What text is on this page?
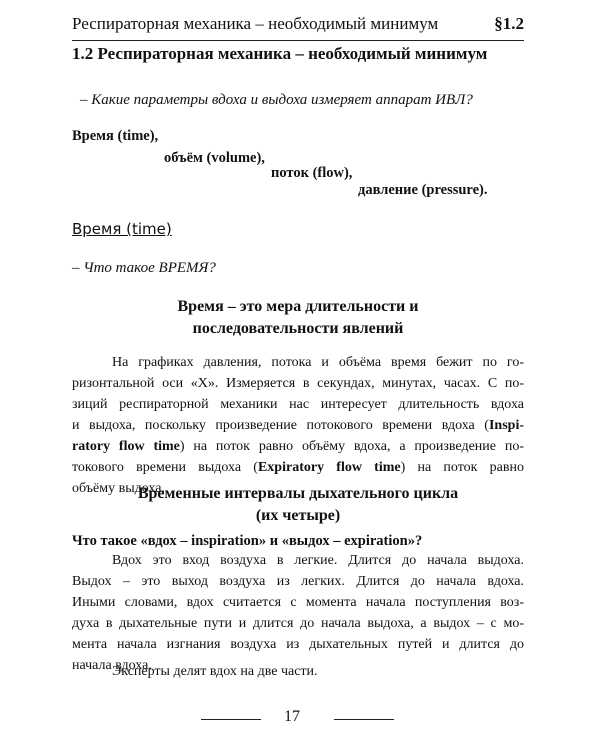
Респираторная механика – необходимый минимум	§1.2
1.2 Респираторная механика – необходимый минимум
– Какие параметры вдоха и выдоха измеряет аппарат ИВЛ?
Время (time),
объём (volume),
поток (flow),
давление (pressure).
Время (time)
– Что такое ВРЕМЯ?
Время – это мера длительности и
последовательности явлений
На графиках давления, потока и объёма время бежит по го-
ризонтальной оси «Х». Измеряется в секундах, минутах, часах. С по-
зиций респираторной механики нас интересует длительность вдоха
и выдоха, поскольку произведение потокового времени вдоха (Inspi-
ratory flow time) на поток равно объёму вдоха, а произведение по-
токового времени выдоха (Expiratory flow time) на поток равно
объёму выдоха.
Временные интервалы дыхательного цикла
(их четыре)
Что такое «вдох – inspiration» и «выдох – expiration»?
Вдох это вход воздуха в легкие. Длится до начала выдоха.
Выдох – это выход воздуха из легких. Длится до начала вдоха.
Иными словами, вдох считается с момента начала поступления воз-
духа в дыхательные пути и длится до начала выдоха, а выдох – с мо-
мента начала изгнания воздуха из дыхательных путей и длится до
начала вдоха.
Эксперты делят вдох на две части.
17
